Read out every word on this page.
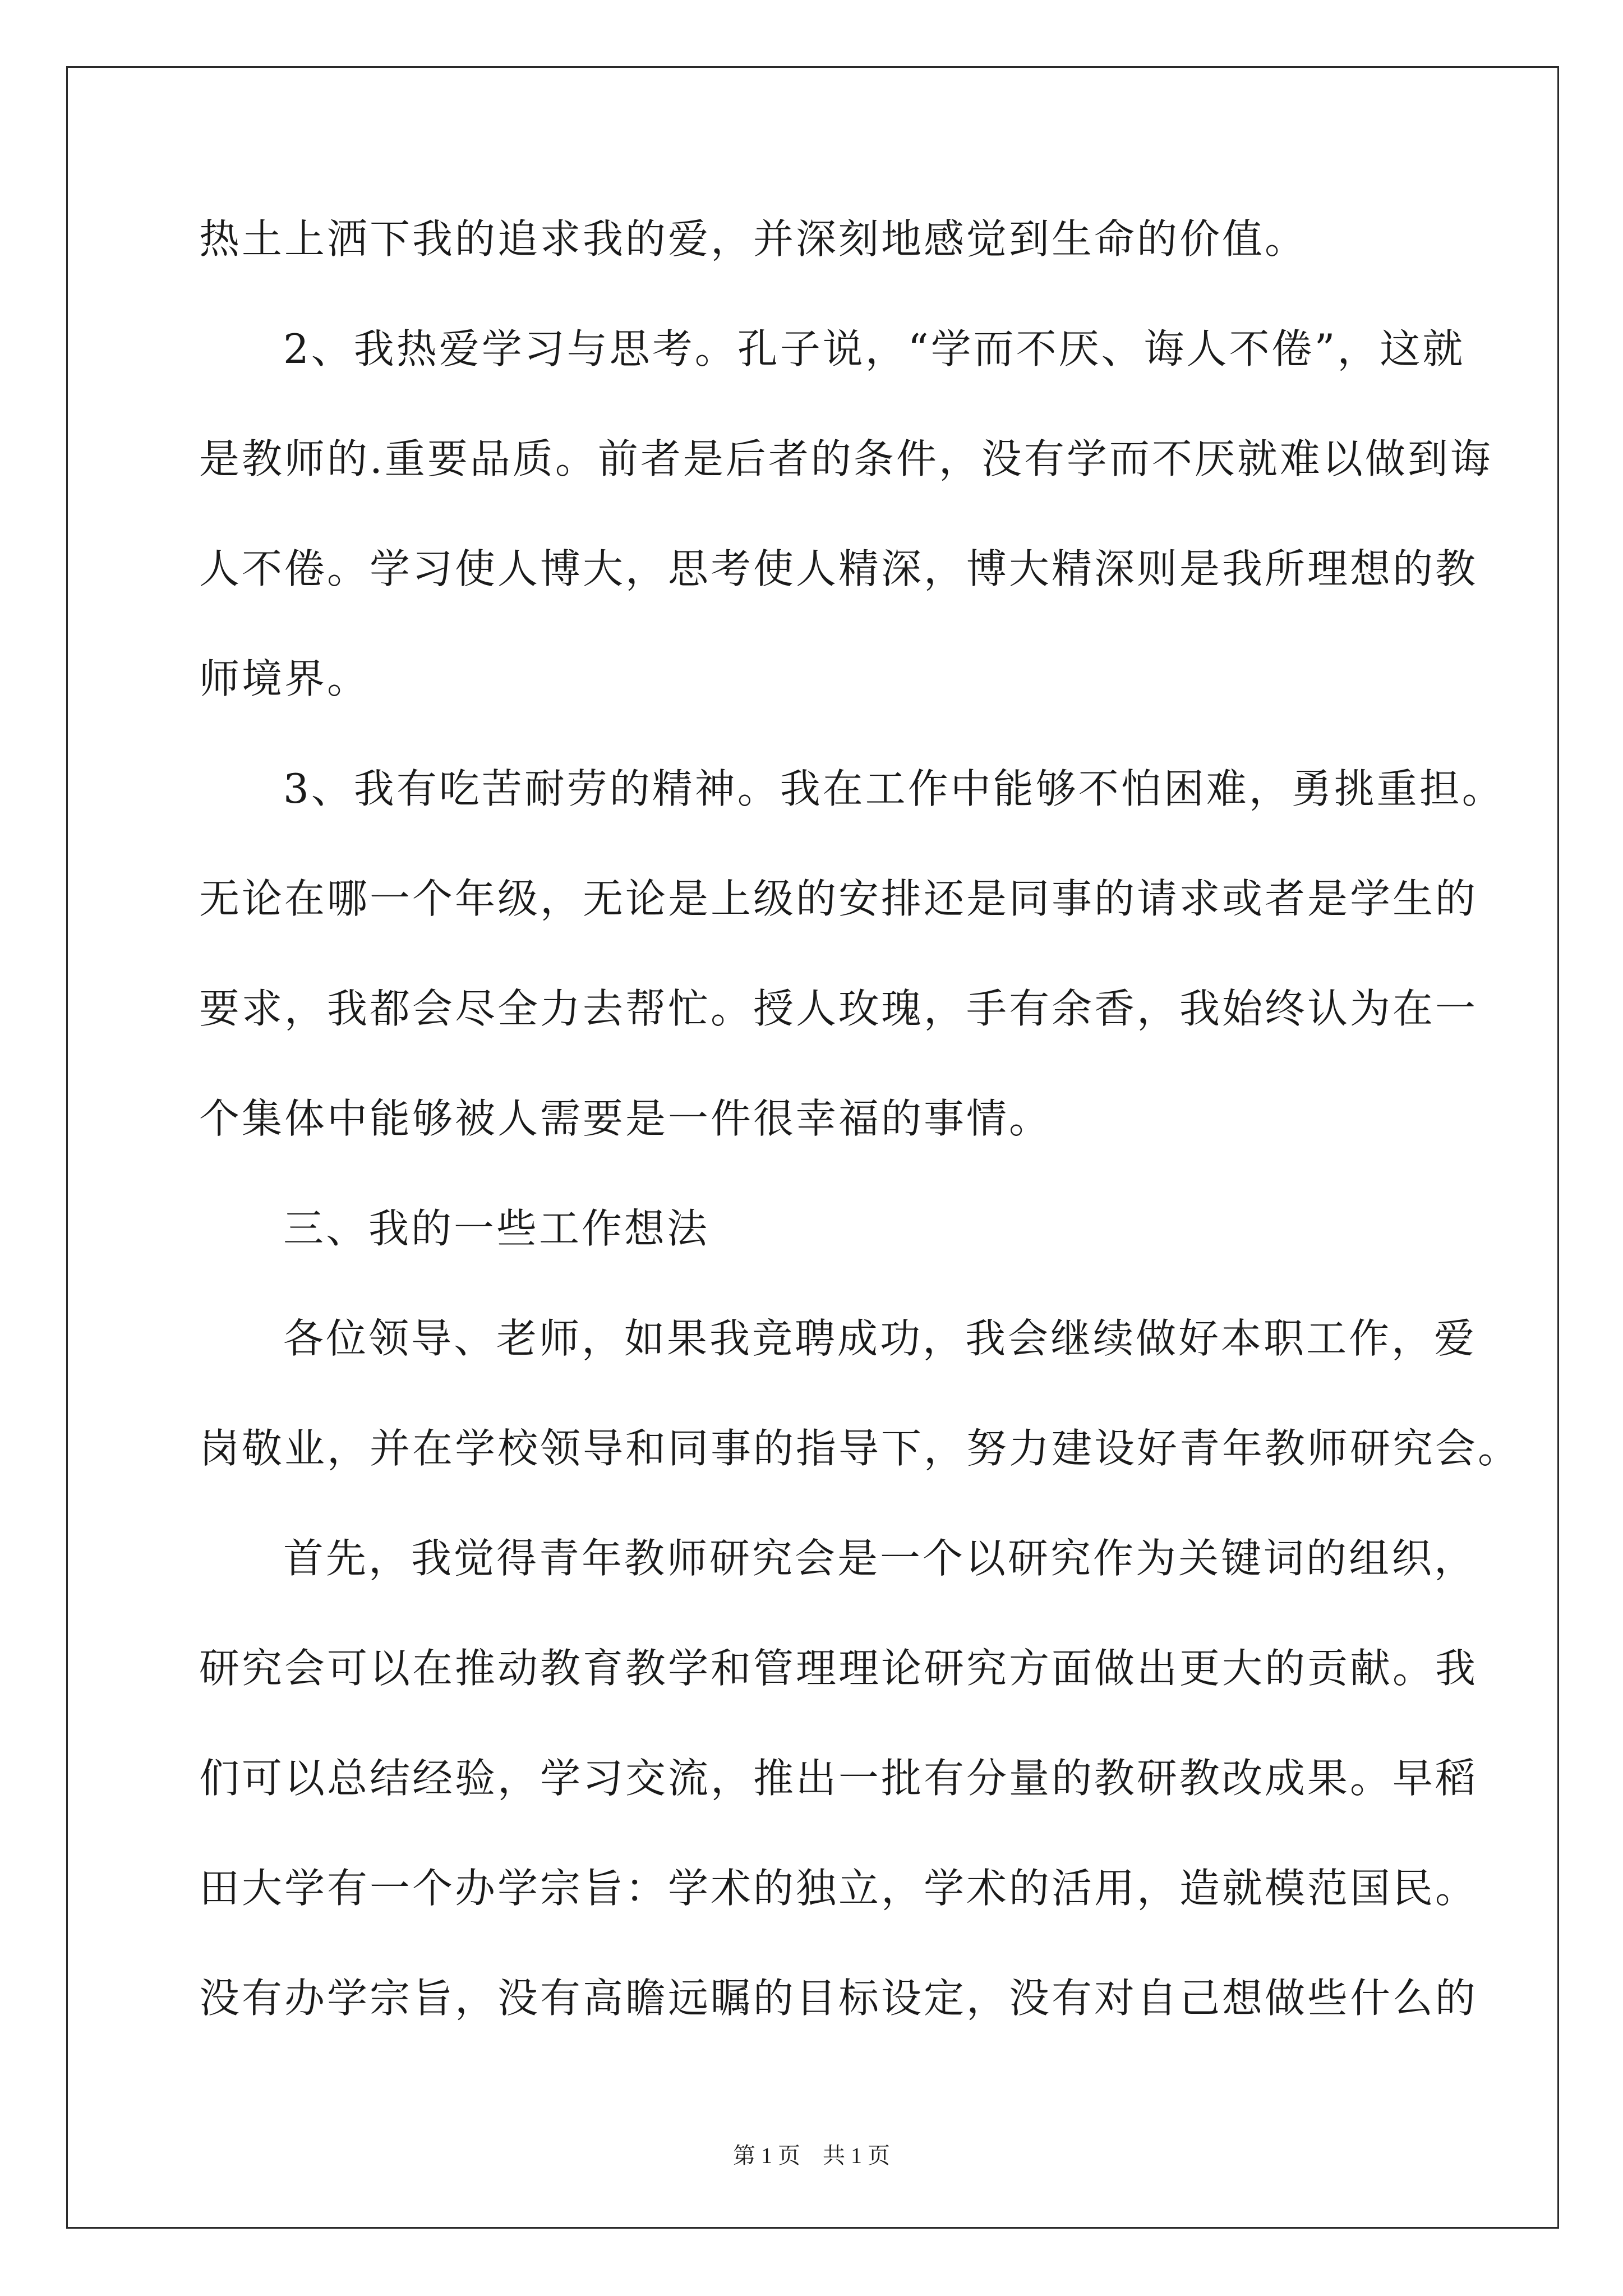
热土上洒下我的追求我的爱，并深刻地感觉到生命的价值。
2、我热爱学习与思考。孔子说，“学而不厌、诲人不倦”，这就
是教师的.重要品质。前者是后者的条件，没有学而不厌就难以做到诲
人不倦。学习使人博大，思考使人精深，博大精深则是我所理想的教
师境界。
3、我有吃苦耐劳的精神。我在工作中能够不怕困难，勇挑重担。
无论在哪一个年级，无论是上级的安排还是同事的请求或者是学生的
要求，我都会尽全力去帮忙。授人玫瑰，手有余香，我始终认为在一
个集体中能够被人需要是一件很幸福的事情。
三、我的一些工作想法
各位领导、老师，如果我竞聘成功，我会继续做好本职工作，爱
岗敬业，并在学校领导和同事的指导下，努力建设好青年教师研究会。
首先，我觉得青年教师研究会是一个以研究作为关键词的组织，
研究会可以在推动教育教学和管理理论研究方面做出更大的贡献。我
们可以总结经验，学习交流，推出一批有分量的教研教改成果。早稻
田大学有一个办学宗旨：学术的独立，学术的活用，造就模范国民。
没有办学宗旨，没有高瞻远瞩的目标设定，没有对自己想做些什么的
第 1 页　共 1 页
